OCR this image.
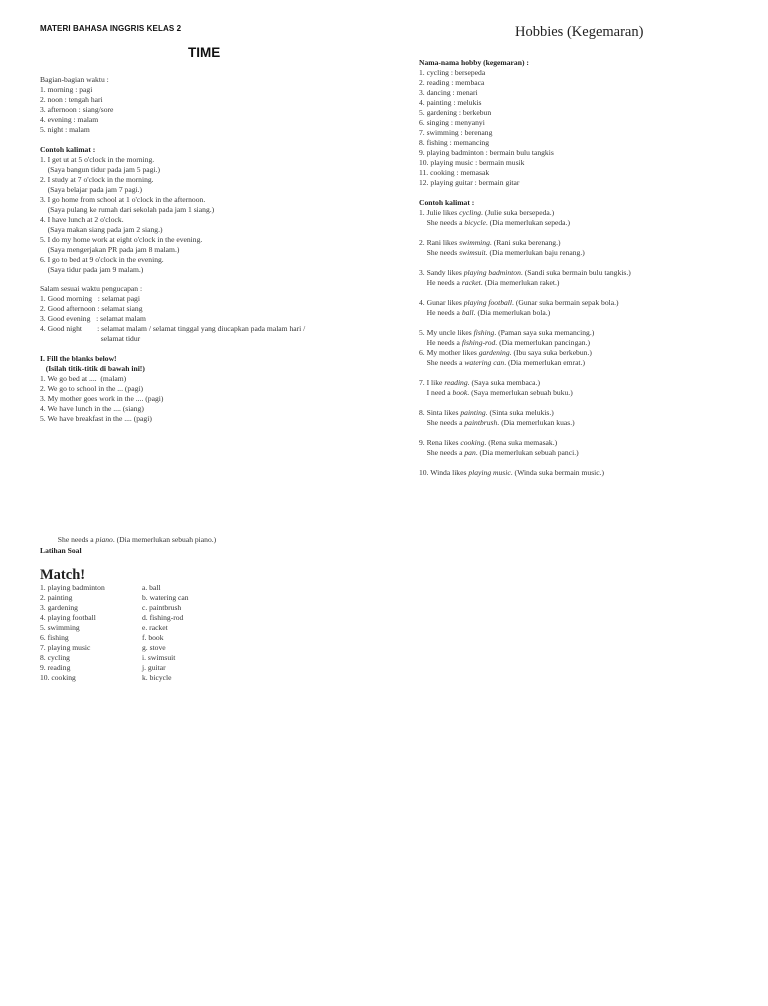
MATERI BAHASA INGGRIS KELAS 2
TIME
Hobbies (Kegemaran)
Bagian-bagian waktu :
1. morning : pagi
2. noon : tengah hari
3. afternoon : siang/sore
4. evening : malam
5. night : malam
Contoh kalimat :
1. I get ut at 5 o'clock in the morning.
(Saya bangun tidur pada jam 5 pagi.)
2. I study at 7 o'clock in the morning.
(Saya belajar pada jam 7 pagi.)
3. I go home from school at 1 o'clock in the afternoon.
(Saya pulang ke rumah dari sekolah pada jam 1 siang.)
4. I have lunch at 2 o'clock.
(Saya makan siang pada jam 2 siang.)
5. I do my home work at eight o'clock in the evening.
(Saya mengerjakan PR pada jam 8 malam.)
6. I go to bed at 9 o'clock in the evening.
(Saya tidur pada jam 9 malam.)
Salam sesuai waktu pengucapan :
1. Good morning   : selamat pagi
2. Good afternoon : selamat siang
3. Good evening   : selamat malam
4. Good night        : selamat malam / selamat tinggal yang diucapkan pada malam hari /
selamat tidur
I. Fill the blanks below!
(Isilah titik-titik di bawah ini!)
1. We go bed at ....  (malam)
2. We go to school in the ... (pagi)
3. My mother goes work in the .... (pagi)
4. We have lunch in the .... (siang)
5. We have breakfast in the .... (pagi)
Nama-nama hobby (kegemaran) :
1. cycling : bersepeda
2. reading : membaca
3. dancing : menari
4. painting : melukis
5. gardening : berkebun
6. singing : menyanyi
7. swimming : berenang
8. fishing : memancing
9. playing badminton : bermain bulu tangkis
10. playing music : bermain musik
11. cooking : memasak
12. playing guitar : bermain gitar
Contoh kalimat :
1. Julie likes cycling. (Julie suka bersepeda.)
She needs a bicycle. (Dia memerlukan sepeda.)
2. Rani likes swimming. (Rani suka berenang.)
She needs swimsuit. (Dia memerlukan baju renang.)
3. Sandy likes playing badminton. (Sandi suka bermain bulu tangkis.)
He needs a racket. (Dia memerlukan raket.)
4. Gunar likes playing football. (Gunar suka bermain sepak bola.)
He needs a ball. (Dia memerlukan bola.)
5. My uncle likes fishing. (Paman saya suka memancing.)
He needs a fishing-rod. (Dia memerlukan pancingan.)
6. My mother likes gardening. (Ibu saya suka berkebun.)
She needs a watering can. (Dia memerlukan emrat.)
7. I like reading. (Saya suka membaca.)
I need a book. (Saya memerlukan sebuah buku.)
8. Sinta likes painting. (Sinta suka melukis.)
She needs a paintbrush. (Dia memerlukan kuas.)
9. Rena likes cooking. (Rena suka memasak.)
She needs a pan. (Dia memerlukan sebuah panci.)
10. Winda likes playing music. (Winda suka bermain music.)

She needs a piano. (Dia memerlukan sebuah piano.)

Latihan Soal
Match!
1. playing badminton
2. painting
3. gardening
4. playing football
5. swimming
6. fishing
7. playing music
8. cycling
9. reading
10. cooking
a. ball
b. watering can
c. paintbrush
d. fishing-rod
e. racket
f. book
g. stove
i. swimsuit
j. guitar
k. bicycle
